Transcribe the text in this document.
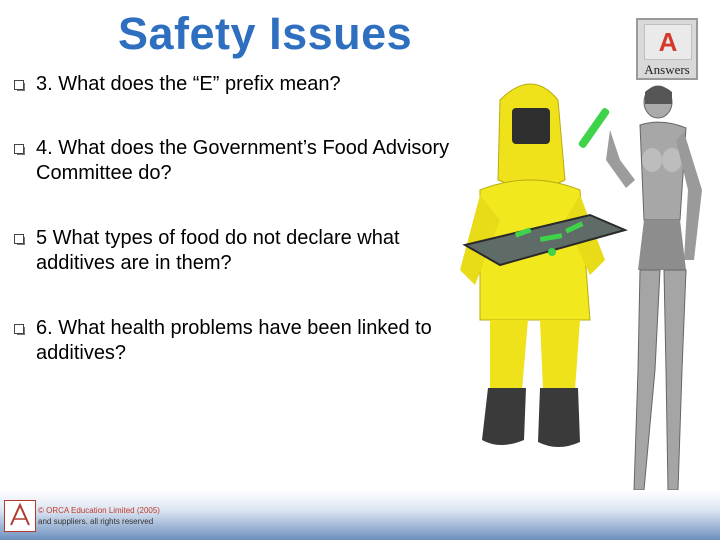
Safety Issues
3. What does the “E” prefix mean?
4. What does the Government’s Food Advisory Committee do?
5 What types of food do not declare what additives are in them?
6. What health problems have been linked to additives?
A
Answers
© ORCA Education Limited (2005)
and suppliers. all rights reserved
